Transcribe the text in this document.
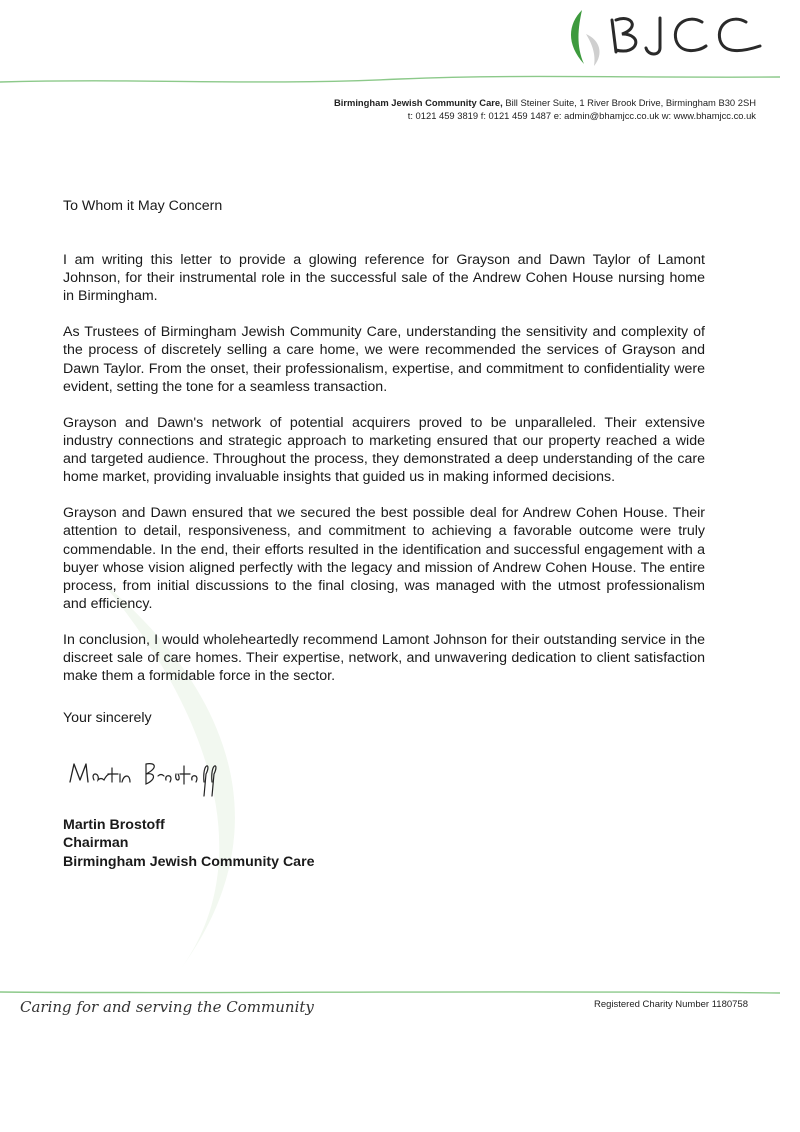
Birmingham Jewish Community Care, Bill Steiner Suite, 1 River Brook Drive, Birmingham B30 2SH
t: 0121 459 3819 f: 0121 459 1487 e: admin@bhamjcc.co.uk w: www.bhamjcc.co.uk
To Whom it May Concern

I am writing this letter to provide a glowing reference for Grayson and Dawn Taylor of Lamont Johnson, for their instrumental role in the successful sale of the Andrew Cohen House nursing home in Birmingham.

As Trustees of Birmingham Jewish Community Care, understanding the sensitivity and complexity of the process of discretely selling a care home, we were recommended the services of Grayson and Dawn Taylor. From the onset, their professionalism, expertise, and commitment to confidentiality were evident, setting the tone for a seamless transaction.

Grayson and Dawn's network of potential acquirers proved to be unparalleled. Their extensive industry connections and strategic approach to marketing ensured that our property reached a wide and targeted audience. Throughout the process, they demonstrated a deep understanding of the care home market, providing invaluable insights that guided us in making informed decisions.

Grayson and Dawn ensured that we secured the best possible deal for Andrew Cohen House. Their attention to detail, responsiveness, and commitment to achieving a favorable outcome were truly commendable. In the end, their efforts resulted in the identification and successful engagement with a buyer whose vision aligned perfectly with the legacy and mission of Andrew Cohen House. The entire process, from initial discussions to the final closing, was managed with the utmost professionalism and efficiency.

In conclusion, I would wholeheartedly recommend Lamont Johnson for their outstanding service in the discreet sale of care homes. Their expertise, network, and unwavering dedication to client satisfaction make them a formidable force in the sector.

Your sincerely
Martin Brostoff
Chairman
Birmingham Jewish Community Care
Caring for and serving the Community	Registered Charity Number 1180758
